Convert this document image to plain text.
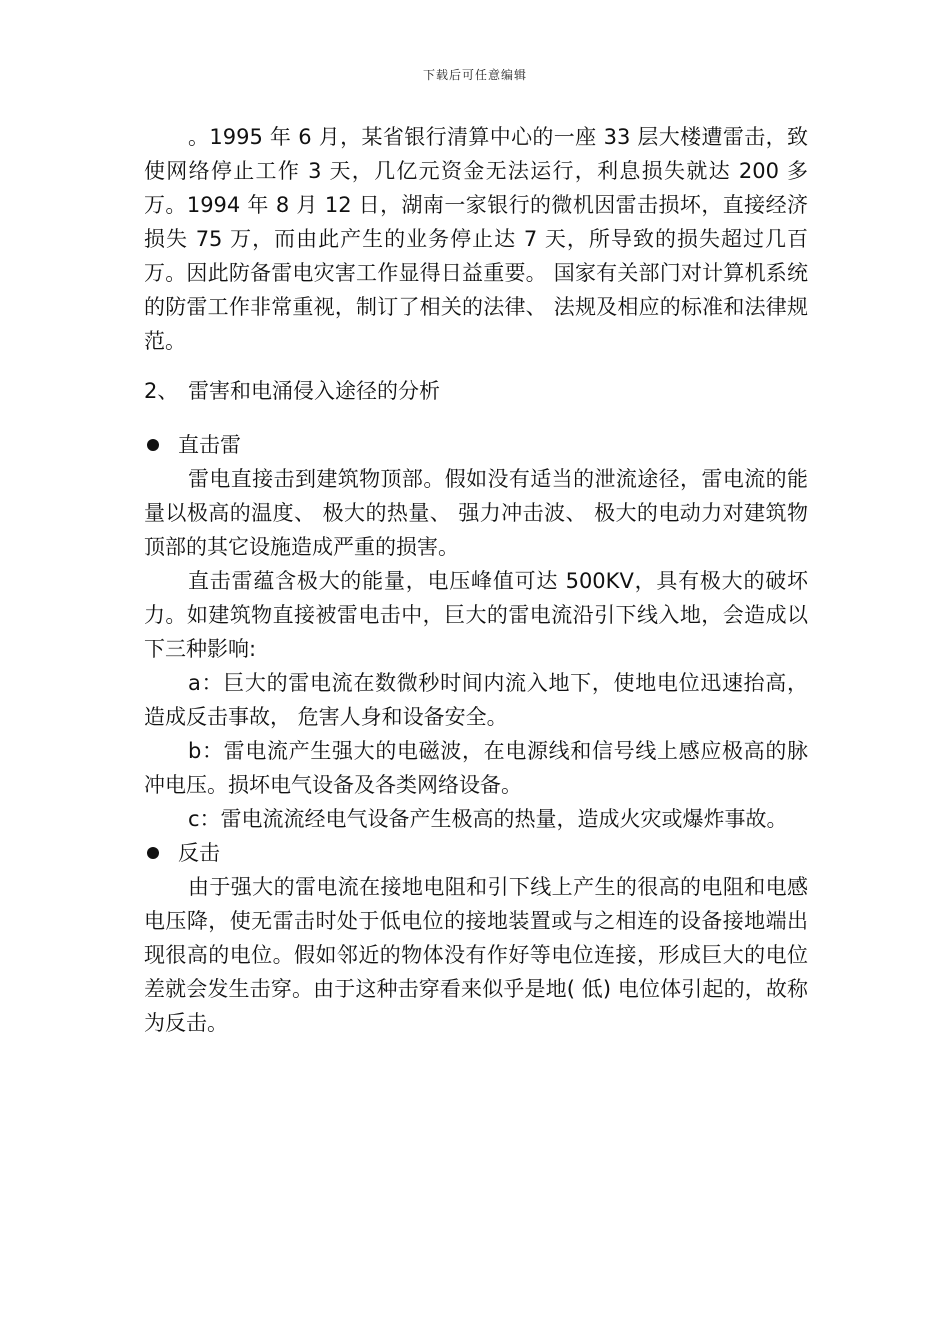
下载后可任意编辑

。1995 年 6 月，某省银行清算中心的一座 33 层大楼遭雷击，致使网络停止工作 3 天，几亿元资金无法运行，利息损失就达 200 多万。1994 年 8 月 12 日，湖南一家银行的微机因雷击损坏，直接经济损失 75 万，而由此产生的业务停止达 7 天，所导致的损失超过几百万。因此防备雷电灾害工作显得日益重要。 国家有关部门对计算机系统的防雷工作非常重视，制订了相关的法律、 法规及相应的标准和法律规范。

2、 雷害和电涌侵入途径的分析
直击雷

雷电直接击到建筑物顶部。假如没有适当的泄流途径，雷电流的能量以极高的温度、 极大的热量、 强力冲击波、 极大的电动力对建筑物顶部的其它设施造成严重的损害。

直击雷蕴含极大的能量，电压峰值可达 500KV，具有极大的破坏力。如建筑物直接被雷电击中，巨大的雷电流沿引下线入地，会造成以下三种影响:

a：巨大的雷电流在数微秒时间内流入地下，使地电位迅速抬高，造成反击事故， 危害人身和设备安全。

b：雷电流产生强大的电磁波，在电源线和信号线上感应极高的脉冲电压。损坏电气设备及各类网络设备。

c：雷电流流经电气设备产生极高的热量，造成火灾或爆炸事故。

反击

由于强大的雷电流在接地电阻和引下线上产生的很高的电阻和电感电压降，使无雷击时处于低电位的接地装置或与之相连的设备接地端出现很高的电位。假如邻近的物体没有作好等电位连接，形成巨大的电位差就会发生击穿。由于这种击穿看来似乎是地( 低) 电位体引起的，故称为反击。
